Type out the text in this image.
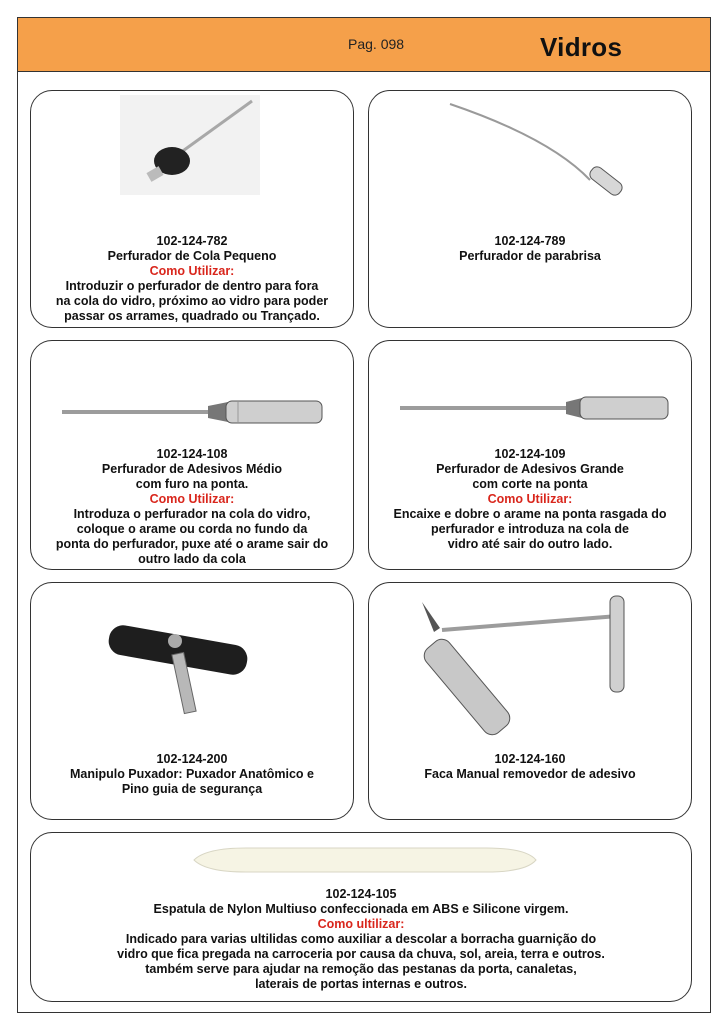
Pag. 098	Vidros
102-124-782
Perfurador de Cola Pequeno
Como Utilizar:
Introduzir o perfurador de dentro para fora
na cola do vidro, próximo ao vidro para poder
passar os arrames, quadrado ou Trançado.
102-124-789
Perfurador de parabrisa
102-124-108
Perfurador de Adesivos Médio
com furo na ponta.
Como Utilizar:
Introduza o perfurador na cola do vidro,
coloque o arame ou corda no fundo da
ponta do perfurador, puxe até o arame sair do
outro lado da cola
102-124-109
Perfurador de Adesivos Grande
com corte na ponta
Como Utilizar:
Encaixe e dobre o arame na ponta rasgada do
perfurador e introduza na cola de
vidro até sair do outro lado.
102-124-200
Manipulo Puxador: Puxador Anatômico e
Pino guia de segurança
102-124-160
Faca Manual removedor de adesivo
102-124-105
Espatula de Nylon Multiuso confeccionada em ABS e Silicone virgem.
Como ultilizar:
Indicado para varias ultilidas como auxiliar a descolar a borracha guarnição do
vidro que fica pregada na carroceria por causa da chuva, sol, areia, terra e outros.
também serve para ajudar na remoção das pestanas da porta, canaletas,
laterais de portas internas e outros.
